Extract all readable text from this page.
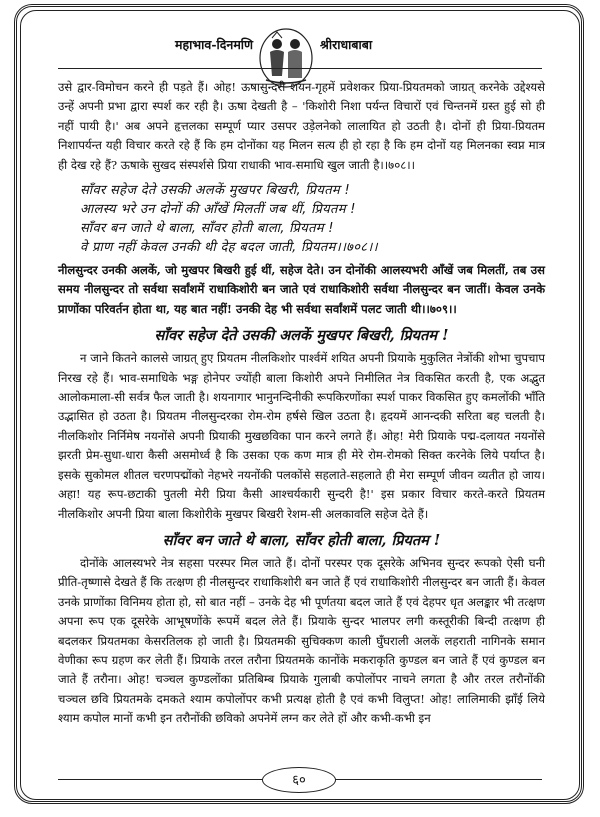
महाभाव-दिनमणि	श्रीराधाबाबा

उसे द्वार-विमोचन करने ही पड़ते हैं। ओह! ऊषासुन्दरी शयन-गृहमें प्रवेशकर प्रिया-प्रियतमको जाग्रत् करनेके उद्देश्यसे उन्हें अपनी प्रभा द्वारा स्पर्श कर रही है। ऊषा देखती है – 'किशोरी निशा पर्यन्त विचारों एवं चिन्तनमें ग्रस्त हुई सो ही नहीं पायी है।' अब अपने हृत्तलका सम्पूर्ण प्यार उसपर उड़ेलनेको लालायित हो उठती है। दोनों ही प्रिया-प्रियतम निशापर्यन्त यही विचार करते रहे हैं कि हम दोनोंका यह मिलन सत्य ही हो रहा है कि हम दोनों यह मिलनका स्वप्न मात्र ही देख रहे हैं? ऊषाके सुखद संस्पर्शसे प्रिया राधाकी भाव-समाधि खुल जाती है।।७०८।।

साँवर सहेज देते उसकी अलकें मुखपर बिखरी, प्रियतम !
आलस्य भरे उन दोनों की आँखें मिलतीं जब थीं, प्रियतम !
साँवर बन जाते थे बाला, साँवर होती बाला, प्रियतम !
वे प्राण नहीं केवल उनकी थी देह बदल जाती, प्रियतम।।७०८।।

नीलसुन्दर उनकी अलकें, जो मुखपर बिखरी हुई थीं, सहेज देते। उन दोनोंकी आलस्यभरी आँखें जब मिलतीं, तब उस समय नीलसुन्दर तो सर्वथा सर्वांशमें राधाकिशोरी बन जाते एवं राधाकिशोरी सर्वथा नीलसुन्दर बन जातीं। केवल उनके प्राणोंका परिवर्तन होता था, यह बात नहीं! उनकी देह भी सर्वथा सर्वांशमें पलट जाती थी।।७०९।।

साँवर सहेज देते उसकी अलकें मुखपर बिखरी, प्रियतम !

न जाने कितने कालसे जाग्रत् हुए प्रियतम नीलकिशोर पार्श्वमें शयित अपनी प्रियाके मुकुलित नेत्रोंकी शोभा चुपचाप निरख रहे हैं। भाव-समाधिके भङ्ग होनेपर ज्योंही बाला किशोरी अपने निमीलित नेत्र विकसित करती है, एक अद्भुत आलोकमाला-सी सर्वत्र फैल जाती है। शयनागार भानुनन्दिनीकी रूपकिरणोंका स्पर्श पाकर विकसित हुए कमलोंकी भाँति उद्भासित हो उठता है। प्रियतम नीलसुन्दरका रोम-रोम हर्षसे खिल उठता है। हृदयमें आनन्दकी सरिता बह चलती है। नीलकिशोर निर्निमेष नयनोंसे अपनी प्रियाकी मुखछविका पान करने लगते हैं। ओह! मेरी प्रियाके पद्म-दलायत नयनोंसे झरती प्रेम-सुधा-धारा कैसी असमोर्ध्व है कि उसका एक कण मात्र ही मेरे रोम-रोमको सिक्त करनेके लिये पर्याप्त है। इसके सुकोमल शीतल चरणपद्मोंको नेहभरे नयनोंकी पलकोंसे सहलाते-सहलाते ही मेरा सम्पूर्ण जीवन व्यतीत हो जाय। अहा! यह रूप-छटाकी पुतली मेरी प्रिया कैसी आश्चर्यकारी सुन्दरी है!' इस प्रकार विचार करते-करते प्रियतम नीलकिशोर अपनी प्रिया बाला किशोरीके मुखपर बिखरी रेशम-सी अलकावलि सहेज देते हैं।

साँवर बन जाते थे बाला, साँवर होती बाला, प्रियतम !

दोनोंके आलस्यभरे नेत्र सहसा परस्पर मिल जाते हैं। दोनों परस्पर एक दूसरेके अभिनव सुन्दर रूपको ऐसी घनी प्रीति-तृष्णासे देखते हैं कि तत्क्षण ही नीलसुन्दर राधाकिशोरी बन जाते हैं एवं राधाकिशोरी नीलसुन्दर बन जाती हैं। केवल उनके प्राणोंका विनिमय होता हो, सो बात नहीं – उनके देह भी पूर्णतया बदल जाते हैं एवं देहपर धृत अलङ्कार भी तत्क्षण अपना रूप एक दूसरेके आभूषणोंके रूपमें बदल लेते हैं। प्रियाके सुन्दर भालपर लगी कस्तूरीकी बिन्दी तत्क्षण ही बदलकर प्रियतमका केसरतिलक हो जाती है। प्रियतमकी सुचिक्कण काली घुँघराली अलकें लहराती नागिनके समान वेणीका रूप ग्रहण कर लेती हैं। प्रियाके तरल तरौना प्रियतमके कानोंके मकराकृति कुण्डल बन जाते हैं एवं कुण्डल बन जाते हैं तरौना। ओह! चञ्चल कुण्डलोंका प्रतिबिम्ब प्रियाके गुलाबी कपोलोंपर नाचने लगता है और तरल तरौनोंकी चञ्चल छवि प्रियतमके दमकते श्याम कपोलोंपर कभी प्रत्यक्ष होती है एवं कभी विलुप्त! ओह! लालिमाकी झाँई लिये श्याम कपोल मानों कभी इन तरौनोंकी छविको अपनेमें लग्न कर लेते हों और कभी-कभी इन

६०
